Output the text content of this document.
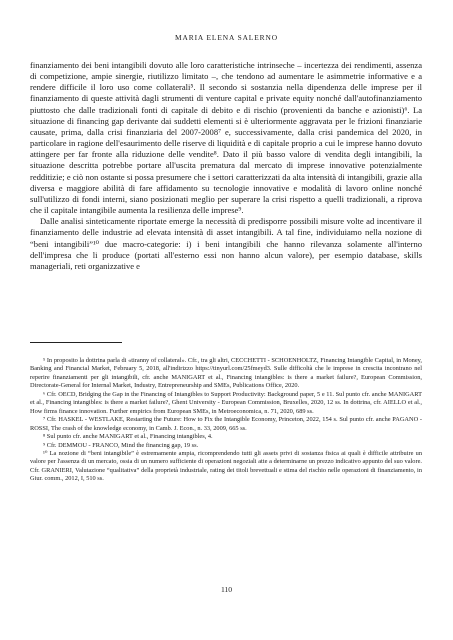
MARIA ELENA SALERNO

finanziamento dei beni intangibili dovuto alle loro caratteristiche intrinseche – incertezza dei rendimenti, assenza di competizione, ampie sinergie, riutilizzo limitato –, che tendono ad aumentare le asimmetrie informative e a rendere difficile il loro uso come collaterali⁵. Il secondo si sostanzia nella dipendenza delle imprese per il finanziamento di queste attività dagli strumenti di venture capital e private equity nonché dall'autofinanziamento piuttosto che dalle tradizionali fonti di capitale di debito e di rischio (provenienti da banche e azionisti)⁶. La situazione di financing gap derivante dai suddetti elementi si è ulteriormente aggravata per le frizioni finanziarie causate, prima, dalla crisi finanziaria del 2007-2008⁷ e, successivamente, dalla crisi pandemica del 2020, in particolare in ragione dell'esaurimento delle riserve di liquidità e di capitale proprio a cui le imprese hanno dovuto attingere per far fronte alla riduzione delle vendite⁸. Dato il più basso valore di vendita degli intangibili, la situazione descritta potrebbe portare all'uscita prematura dal mercato di imprese innovative potenzialmente redditizie; e ciò non ostante si possa presumere che i settori caratterizzati da alta intensità di intangibili, grazie alla diversa e maggiore abilità di fare affidamento su tecnologie innovative e modalità di lavoro online nonché sull'utilizzo di fondi interni, siano posizionati meglio per superare la crisi rispetto a quelli tradizionali, a riprova che il capitale intangibile aumenta la resilienza delle imprese⁹.

Dalle analisi sinteticamente riportate emerge la necessità di predisporre possibili misure volte ad incentivare il finanziamento delle industrie ad elevata intensità di asset intangibili. A tal fine, individuiamo nella nozione di “beni intangibili”¹⁰ due macro-categorie: i) i beni intangibili che hanno rilevanza solamente all'interno dell'impresa che li produce (portati all'esterno essi non hanno alcun valore), per esempio database, skills manageriali, reti organizzative e

⁵ In proposito la dottrina parla di «tiranny of collateral». Cfr., tra gli altri, CECCHETTI - SCHOENHOLTZ, Financing Intangible Capital, in Money, Banking and Financial Market, February 5, 2018, all'indirizzo https://tinyurl.com/25fmeyd3. Sulle difficoltà che le imprese in crescita incontrano nel reperire finanziamenti per gli intangibili, cfr. anche MANIGART et al., Financing intangibles: is there a market failure?, European Commission, Directorate-General for Internal Market, Industry, Entrepreneurship and SMEs, Publications Office, 2020.

⁶ Cfr. OECD, Bridging the Gap in the Financing of Intangibles to Support Productivity: Background paper, 5 e 11. Sul punto cfr. anche MANIGART et al., Financing intangibles: is there a market failure?, Ghent University - European Commission, Bruxelles, 2020, 12 ss. In dottrina, cfr. AIELLO et al., How firms finance innovation. Further empirics from European SMEs, in Metroeconomica, n. 71, 2020, 689 ss.

⁷ Cfr. HASKEL - WESTLAKE, Restarting the Future: How to Fix the Intangible Economy, Princeton, 2022, 154 s. Sul punto cfr. anche PAGANO - ROSSI, The crash of the knowledge economy, in Camb. J. Econ., n. 33, 2009, 665 ss.

⁸ Sul punto cfr. anche MANIGART et al., Financing intangibles, 4.

⁹ Cfr. DEMMOU - FRANCO, Mind the financing gap, 19 ss.

¹⁰ La nozione di “beni intangibile” è estremamente ampia, ricomprendendo tutti gli assets privi di sostanza fisica ai quali è difficile attribuire un valore per l'assenza di un mercato, ossia di un numero sufficiente di operazioni negoziali atte a determinarne un prezzo indicativo appunto del suo valore. Cfr. GRANIERI, Valutazione “qualitativa” della proprietà industriale, rating dei titoli brevettuali e stima del rischio nelle operazioni di finanziamento, in Giur. comm., 2012, I, 510 ss.

110
